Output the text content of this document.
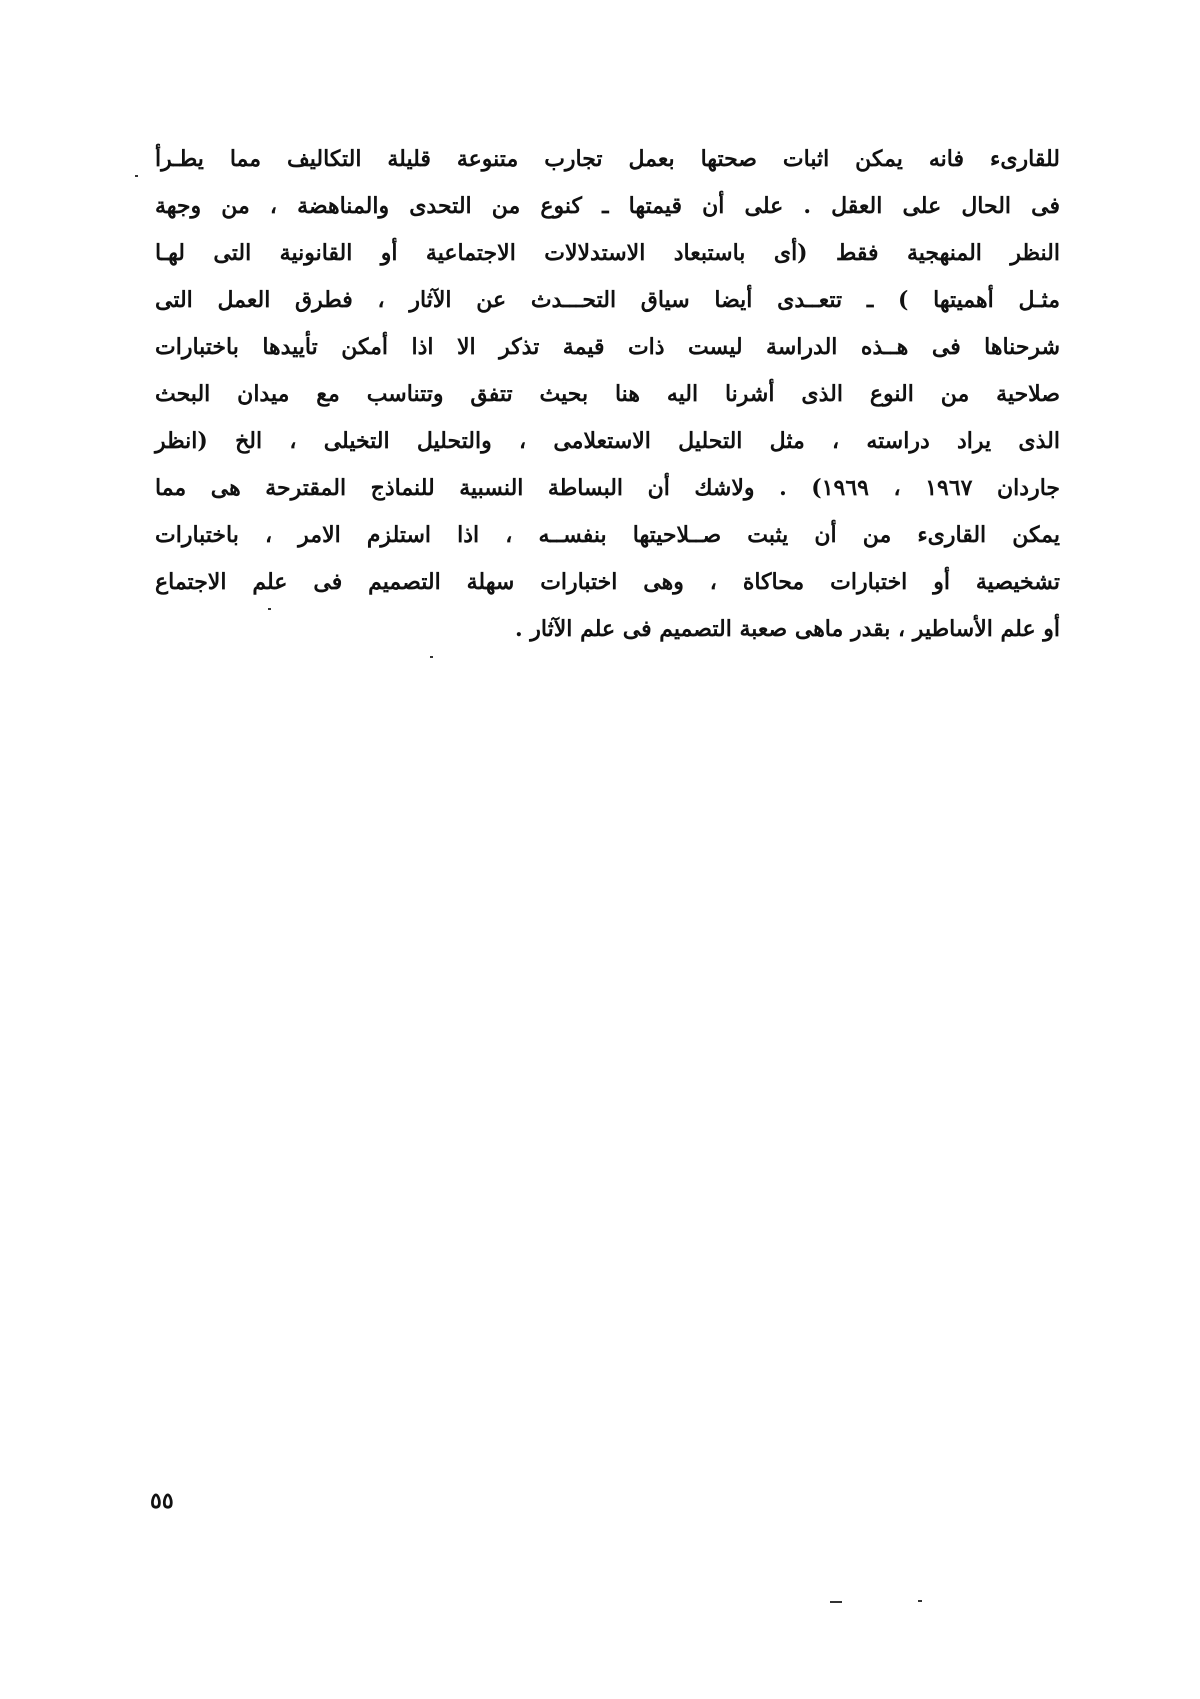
للقارىء فانه يمكن اثبات صحتها بعمل تجارب متنوعة قليلة التكاليف مما يطـرأ
فى الحال على العقل . على أن قيمتها ـ كنوع من التحدى والمناهضة ، من وجهة
النظر المنهجية فقط (أى باستبعاد الاستدلالات الاجتماعية أو القانونية التى لهـا
مثـل أهميتها ) ـ تتعــدى أيضا سياق التحـــدث عن الآثار ، فطرق العمل التى
شرحناها فى هــذه الدراسة ليست ذات قيمة تذكر الا اذا أمكن تأييدها باختبارات
صلاحية من النوع الذى أشرنا اليه هنا بحيث تتفق وتتناسب مع ميدان البحث
الذى يراد دراسته ، مثل التحليل الاستعلامى ، والتحليل التخيلى ، الخ (انظر
جاردان ١٩٦٧ ، ١٩٦٩) . ولاشك أن البساطة النسبية للنماذج المقترحة هى مما
يمكن القارىء من أن يثبت صــلاحيتها بنفســه ، اذا استلزم الامر ، باختبارات
تشخيصية أو اختبارات محاكاة ، وهى اختبارات سهلة التصميم فى علم الاجتماع
أو علم الأساطير ، بقدر ماهى صعبة التصميم فى علم الآثار .
٥٥
